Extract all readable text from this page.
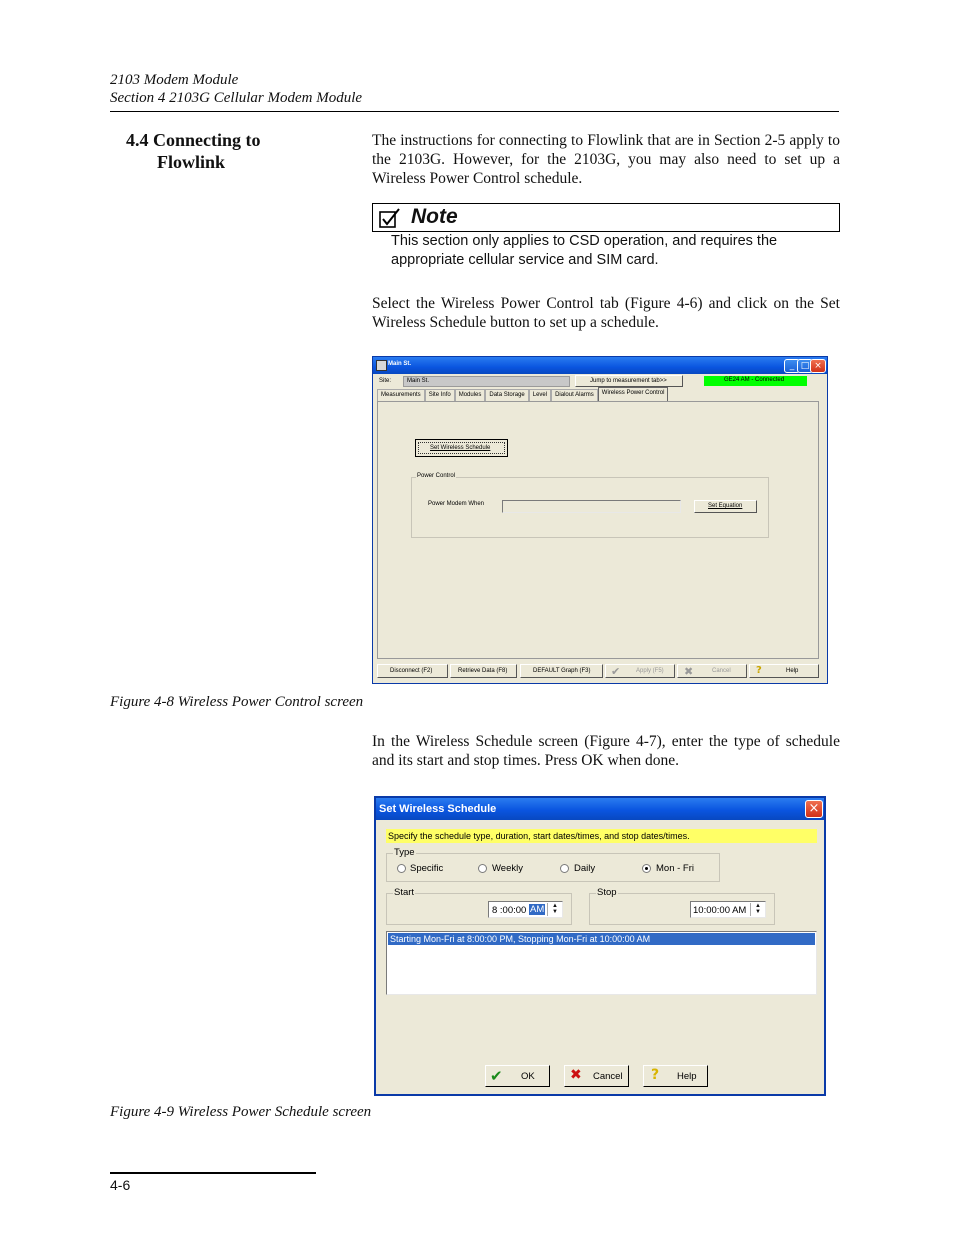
2103 Modem Module
Section 4 2103G Cellular Modem Module
4.4 Connecting to
Flowlink
The instructions for connecting to Flowlink that are in Section 2-5 apply to the 2103G. However, for the 2103G, you may also need to set up a Wireless Power Control schedule.
Note
This section only applies to CSD operation, and requires the appropriate cellular service and SIM card.
Select the Wireless Power Control tab (Figure 4-6) and click on the Set Wireless Schedule button to set up a schedule.
Main St.	_ □ ×
Site:	Main St.	Jump to measurement tab>>	GE24 AM - Connected
Measurements	Site Info	Modules	Data Storage	Level	Dialout Alarms	Wireless Power Control
Set Wireless Schedule
Power Control
Power Modem When	Set Equation
Disconnect (F2)	Retrieve Data (F8)	DEFAULT Graph (F3) ✔	Apply (F5) ✖	Cancel	?	Help
Figure 4-8 Wireless Power Control screen
In the Wireless Schedule screen (Figure 4-7), enter the type of schedule and its start and stop times. Press OK when done.
Set Wireless Schedule	×
Specify the schedule type, duration, start dates/times, and stop dates/times.
Type
Specific	Weekly	Daily	Mon - Fri
Start
8 :00:00 AM	▲
▼
Stop
10:00:00 AM	▲
▼
Starting Mon-Fri at 8:00:00 PM, Stopping Mon-Fri at 10:00:00 AM
✔ OK	✖ Cancel ? Help
Figure 4-9 Wireless Power Schedule screen
4-6
